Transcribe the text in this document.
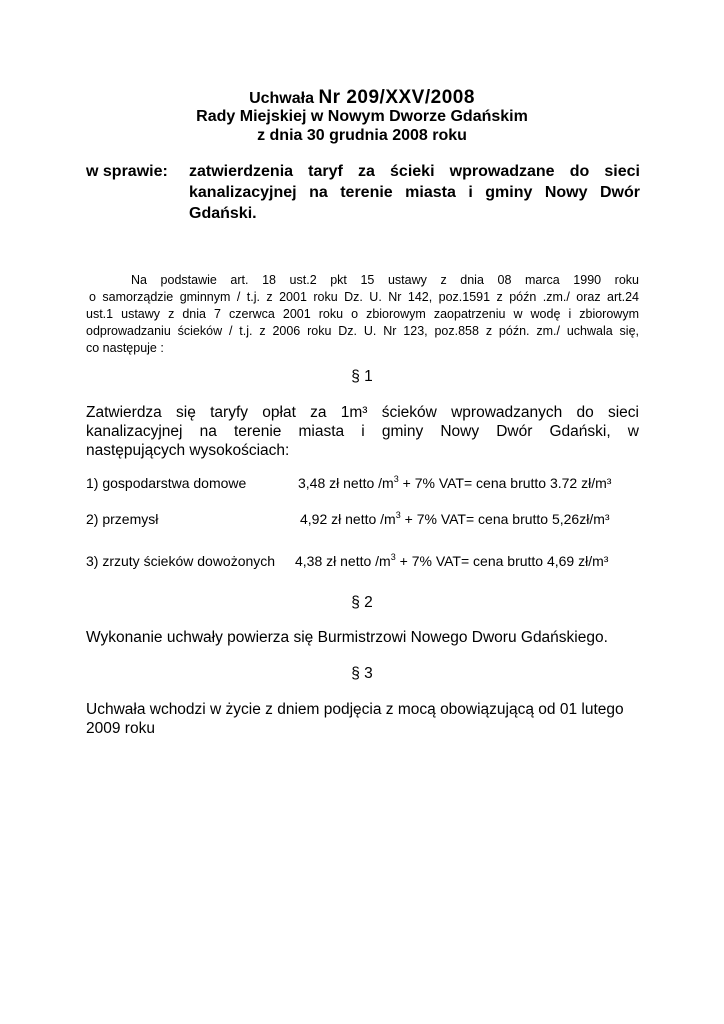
Uchwała Nr 209/XXV/2008
Rady Miejskiej w Nowym Dworze Gdańskim
z dnia 30 grudnia 2008 roku
w sprawie: zatwierdzenia taryf za ścieki wprowadzane do sieci kanalizacyjnej na terenie miasta i gminy Nowy Dwór Gdański.

Na podstawie art. 18 ust.2 pkt 15 ustawy z dnia 08 marca 1990 roku

o samorządzie gminnym / t.j. z 2001 roku Dz. U. Nr 142, poz.1591 z późn .zm./ oraz art.24

ust.1 ustawy z dnia 7 czerwca 2001 roku o zbiorowym zaopatrzeniu w wodę i zbiorowym

odprowadzaniu ścieków / t.j. z 2006 roku Dz. U. Nr 123, poz.858 z późn. zm./ uchwala się,

co następuje :

§ 1

Zatwierdza się taryfy opłat za 1m³ ścieków wprowadzanych do sieci

kanalizacyjnej na terenie miasta i gminy Nowy Dwór Gdański, w

następujących wysokościach:

1) gospodarstwa domowe	3,48 zł netto $/m^3 + 7\%$ VAT= cena brutto 3.72 zł/m³
2) przemysł	4,92 zł netto $/m^3 + 7\%$ VAT= cena brutto 5,26zł/m³
3) zrzuty ścieków dowożonych 4,38 zł netto $/m^3 + 7\%$ VAT= cena brutto 4,69 zł/m³
§ 2
Wykonanie uchwały powierza się Burmistrzowi Nowego Dworu Gdańskiego.
§ 3

Uchwała wchodzi w życie z dniem podjęcia z mocą obowiązującą od 01 lutego

2009 roku
